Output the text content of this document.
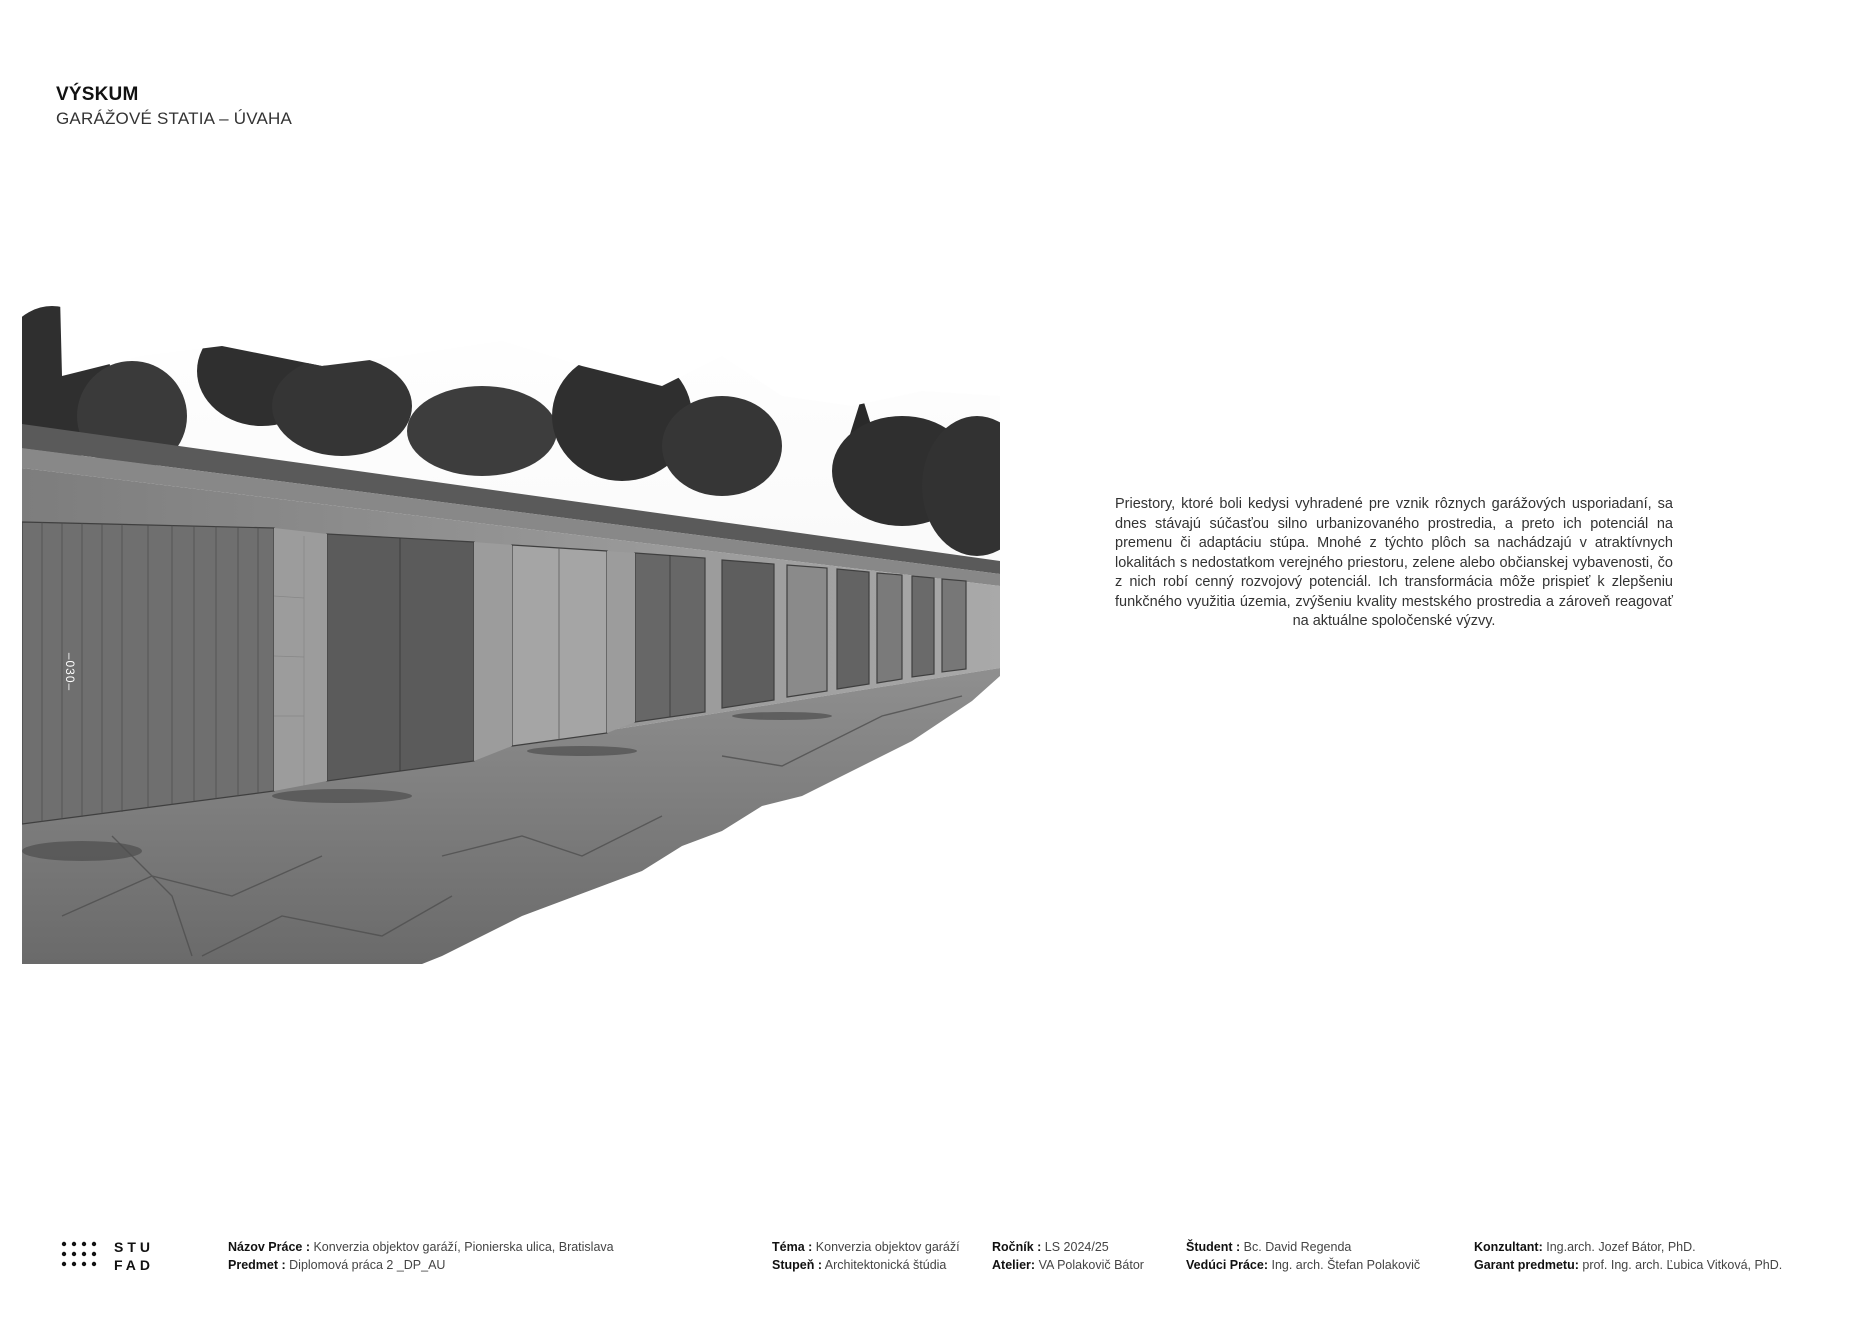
VÝSKUM
GARÁŽOVÉ STATIA – ÚVAHA
–030–
Priestory, ktoré boli kedysi vyhradené pre vznik rôznych garážových usporiadaní, sa dnes stávajú súčasťou silno urbanizovaného prostredia, a preto ich potenciál na premenu či adaptáciu stúpa. Mnohé z týchto plôch sa nachádzajú v atraktívnych lokalitách s nedostatkom verejného priestoru, zelene alebo občianskej vybavenosti, čo z nich robí cenný rozvojový potenciál. Ich transformácia môže prispieť k zlepšeniu funkčného využitia územia, zvýšeniu kvality mestského prostredia a zároveň reagovať na aktuálne spoločenské výzvy.
STU
FAD
Názov Práce : Konverzia objektov garáží, Pionierska ulica, Bratislava
Predmet : Diplomová práca 2 _DP_AU
Téma : Konverzia objektov garáží
Stupeň : Architektonická štúdia
Ročník : LS 2024/25
Atelier: VA Polakovič Bátor
Študent : Bc. David Regenda
Vedúci Práce: Ing. arch. Štefan Polakovič
Konzultant: Ing.arch. Jozef Bátor, PhD.
Garant predmetu: prof. Ing. arch. Ľubica Vitková, PhD.
